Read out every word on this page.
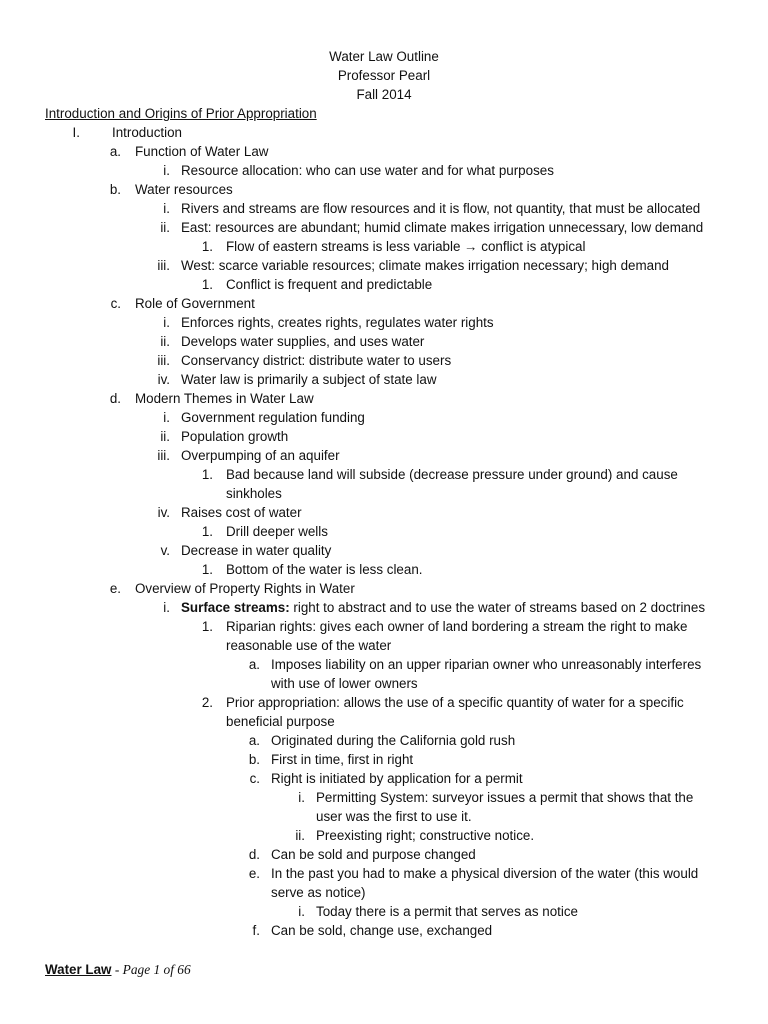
Water Law Outline
Professor Pearl
Fall 2014
Introduction and Origins of Prior Appropriation
I. Introduction
a. Function of Water Law
i. Resource allocation: who can use water and for what purposes
b. Water resources
i. Rivers and streams are flow resources and it is flow, not quantity, that must be allocated
ii. East: resources are abundant; humid climate makes irrigation unnecessary, low demand
1. Flow of eastern streams is less variable → conflict is atypical
iii. West: scarce variable resources; climate makes irrigation necessary; high demand
1. Conflict is frequent and predictable
c. Role of Government
i. Enforces rights, creates rights, regulates water rights
ii. Develops water supplies, and uses water
iii. Conservancy district: distribute water to users
iv. Water law is primarily a subject of state law
d. Modern Themes in Water Law
i. Government regulation funding
ii. Population growth
iii. Overpumping of an aquifer
1. Bad because land will subside (decrease pressure under ground) and cause
sinkholes
iv. Raises cost of water
1. Drill deeper wells
v. Decrease in water quality
1. Bottom of the water is less clean.
e. Overview of Property Rights in Water
i. Surface streams: right to abstract and to use the water of streams based on 2 doctrines
1. Riparian rights: gives each owner of land bordering a stream the right to make
reasonable use of the water
a. Imposes liability on an upper riparian owner who unreasonably interferes
with use of lower owners
2. Prior appropriation: allows the use of a specific quantity of water for a specific
beneficial purpose
a. Originated during the California gold rush
b. First in time, first in right
c. Right is initiated by application for a permit
i. Permitting System: surveyor issues a permit that shows that the
user was the first to use it.
ii. Preexisting right; constructive notice.
d. Can be sold and purpose changed
e. In the past you had to make a physical diversion of the water (this would
serve as notice)
i. Today there is a permit that serves as notice
f. Can be sold, change use, exchanged
Water Law - Page 1 of 66
